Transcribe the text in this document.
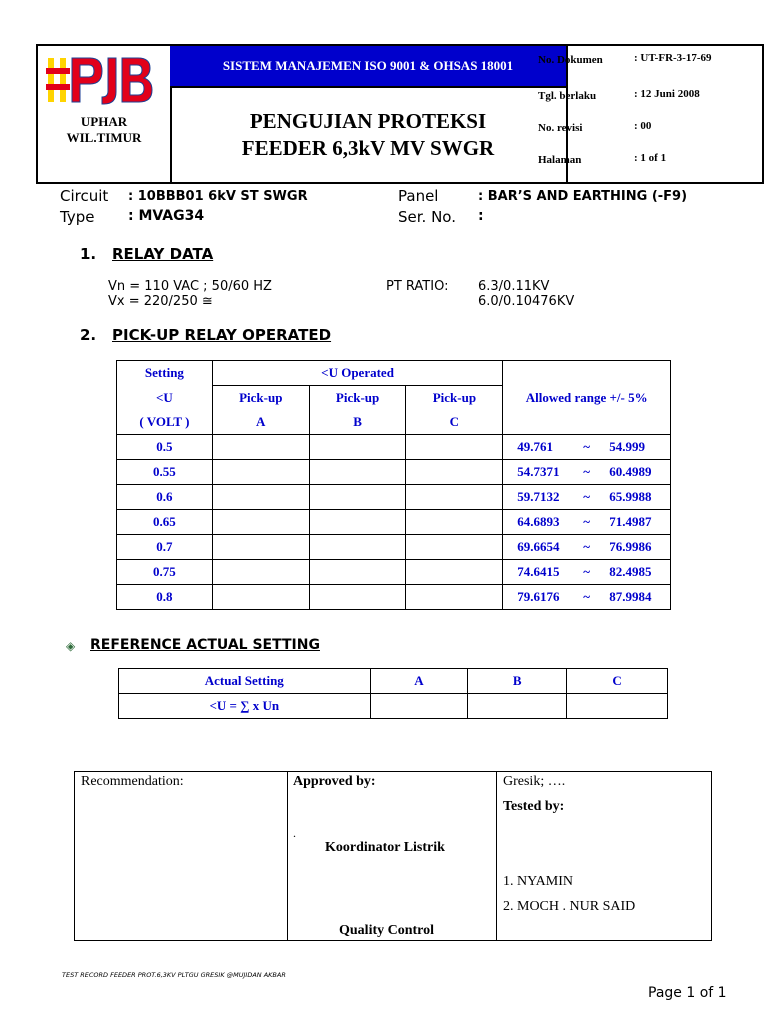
UPHAR
WIL.TIMUR
SISTEM MANAJEMEN ISO 9001 & OHSAS 18001
PENGUJIAN PROTEKSI
FEEDER 6,3kV MV SWGR
No. Dokumen	: UT-FR-3-17-69
Tgl. berlaku	: 12 Juni 2008
No. revisi	: 00
Halaman	: 1 of 1
Circuit : 10BBB01 6kV ST SWGR
Type : MVAG34
Panel	: BAR’S AND EARTHING (-F9)
Ser. No. :
1. RELAY DATA
Vn = 110 VAC ; 50/60 HZ
Vx = 220/250 ≅
PT RATIO: 6.3/0.11KV
6.0/0.10476KV
2. PICK-UP RELAY OPERATED
Setting	<U Operated			Allowed range +/- 5%
<U	Pick-up	Pick-up	Pick-up	
( VOLT )	A	B	C	
0.5				49.761 ~ 54.999

0.55				54.7371 ~ 60.4989

0.6				59.7132 ~ 65.9988

0.65				64.6893 ~ 71.4987

0.7				69.6654 ~ 76.9986

0.75				74.6415 ~ 82.4985

0.8				79.6176 ~ 87.9984
◈ REFERENCE ACTUAL SETTING
Actual Setting	A	B	C
<U = ∑ x Un			
Recommendation:	Approved by:
.
Koordinator Listrik
Quality Control
Gresik; ….
Tested by:
1. NYAMIN
2. MOCH . NUR SAID
TEST RECORD FEEDER PROT.6,3KV PLTGU GRESIK @MUJIDAN AKBAR
Page 1 of 1
